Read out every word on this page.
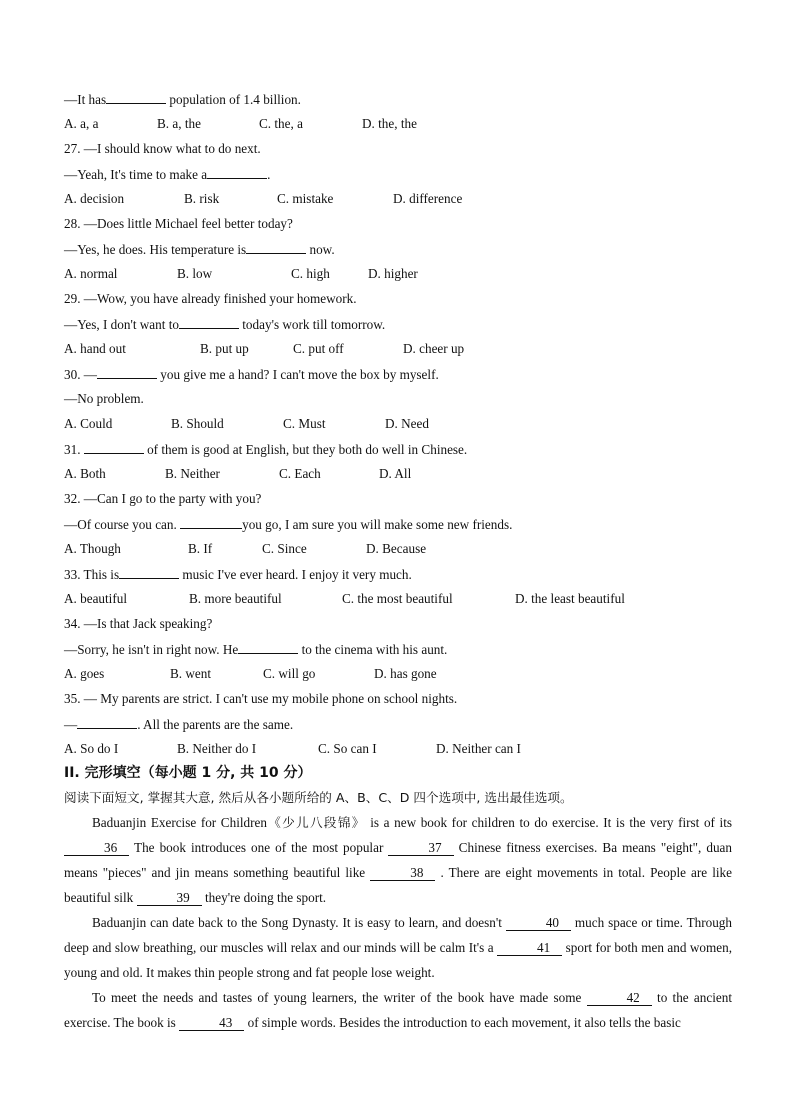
—It has	population of 1.4 billion.
A. a, a	B. a, the	C. the, a	D. the, the
27. —I should know what to do next.
—Yeah, It's time to make a	.
A. decision	B. risk	C. mistake	D. difference
28. —Does little Michael feel better today?
—Yes, he does. His temperature is	now.
A. normal	B. low	C. high	D. higher
29. —Wow, you have already finished your homework.
—Yes, I don't want to	today's work till tomorrow.
A. hand out	B. put up	C. put off	D. cheer up
30. —	you give me a hand? I can't move the box by myself.
—No problem.
A. Could	B. Should	C. Must	D. Need
31.	of them is good at English, but they both do well in Chinese.
A. Both	B. Neither	C. Each	D. All
32. —Can I go to the party with you?
—Of course you can.	you go, I am sure you will make some new friends.
A. Though	B. If	C. Since	D. Because
33. This is	music I've ever heard. I enjoy it very much.
A. beautiful	B. more beautiful	C. the most beautiful	D. the least beautiful
34. —Is that Jack speaking?
—Sorry, he isn't in right now. He	to the cinema with his aunt.
A. goes	B. went	C. will go	D. has gone
35. — My parents are strict. I can't use my mobile phone on school nights.
—	. All the parents are the same.
A. So do I	B. Neither do I	C. So can I	D. Neither can I
II. 完形填空（每小题 1 分, 共 10 分）
阅读下面短文, 掌握其大意, 然后从各小题所给的 A、B、C、D 四个选项中, 选出最佳选项。

Baduanjin Exercise for Children《少儿八段锦》 is a new book for children to do exercise. It is the very first of its 36 The book introduces one of the most popular	37 Chinese fitness exercises. Ba means "eight", duan means "pieces" and jin means something beautiful like	38 . There are eight movements in total. People are like beautiful silk	39 they're doing the sport.

Baduanjin can date back to the Song Dynasty. It is easy to learn, and doesn't	40 much space or time. Through deep and slow breathing, our muscles will relax and our minds will be calm It's a	41 sport for both men and women, young and old. It makes thin people strong and fat people lose weight.

To meet the needs and tastes of young learners, the writer of the book have made some	42 to the ancient exercise. The book is	43 of simple words. Besides the introduction to each movement, it also tells the basic
